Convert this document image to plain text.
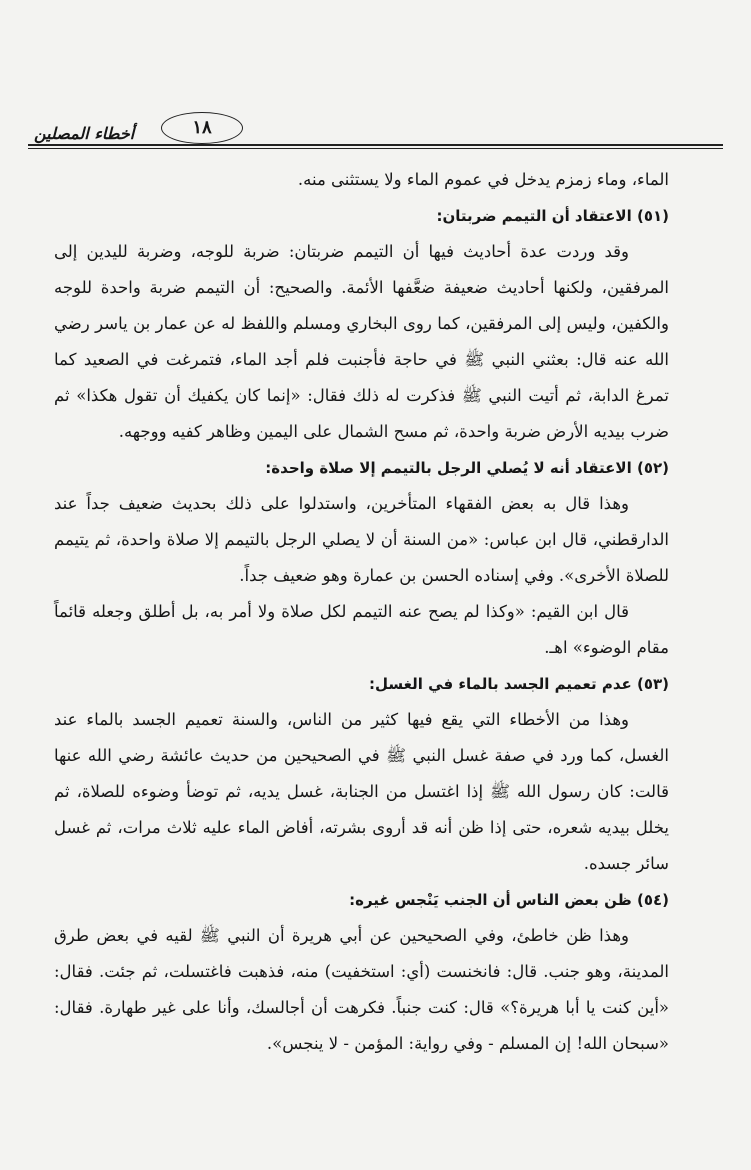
١٨
أخطاء المصلين

الماء، وماء زمزم يدخل في عموم الماء ولا يستثنى منه.

(٥١) الاعتقاد أن التيمم ضربتان:

وقد وردت عدة أحاديث فيها أن التيمم ضربتان: ضربة للوجه، وضربة لليدين إلى المرفقين، ولكنها أحاديث ضعيفة ضعَّفها الأئمة. والصحيح: أن التيمم ضربة واحدة للوجه والكفين، وليس إلى المرفقين، كما روى البخاري ومسلم واللفظ له عن عمار بن ياسر رضي الله عنه قال: بعثني النبي ﷺ في حاجة فأجنبت فلم أجد الماء، فتمرغت في الصعيد كما تمرغ الدابة، ثم أتيت النبي ﷺ فذكرت له ذلك فقال: «إنما كان يكفيك أن تقول هكذا» ثم ضرب بيديه الأرض ضربة واحدة، ثم مسح الشمال على اليمين وظاهر كفيه ووجهه.

(٥٢) الاعتقاد أنه لا يُصلي الرجل بالتيمم إلا صلاة واحدة:

وهذا قال به بعض الفقهاء المتأخرين، واستدلوا على ذلك بحديث ضعيف جداً عند الدارقطني، قال ابن عباس: «من السنة أن لا يصلي الرجل بالتيمم إلا صلاة واحدة، ثم يتيمم للصلاة الأخرى». وفي إسناده الحسن بن عمارة وهو ضعيف جداً.

قال ابن القيم: «وكذا لم يصح عنه التيمم لكل صلاة ولا أمر به، بل أطلق وجعله قائماً مقام الوضوء» اهـ.

(٥٣) عدم تعميم الجسد بالماء في الغسل:

وهذا من الأخطاء التي يقع فيها كثير من الناس، والسنة تعميم الجسد بالماء عند الغسل، كما ورد في صفة غسل النبي ﷺ في الصحيحين من حديث عائشة رضي الله عنها قالت: كان رسول الله ﷺ إذا اغتسل من الجنابة، غسل يديه، ثم توضأ وضوءه للصلاة، ثم يخلل بيديه شعره، حتى إذا ظن أنه قد أروى بشرته، أفاض الماء عليه ثلاث مرات، ثم غسل سائر جسده.

(٥٤) ظن بعض الناس أن الجنب يَنْجس غيره:

وهذا ظن خاطئ، وفي الصحيحين عن أبي هريرة أن النبي ﷺ لقيه في بعض طرق المدينة، وهو جنب. قال: فانخنست (أي: استخفيت) منه، فذهبت فاغتسلت، ثم جئت. فقال: «أين كنت يا أبا هريرة؟» قال: كنت جنباً. فكرهت أن أجالسك، وأنا على غير طهارة. فقال: «سبحان الله! إن المسلم - وفي رواية: المؤمن - لا ينجس».
